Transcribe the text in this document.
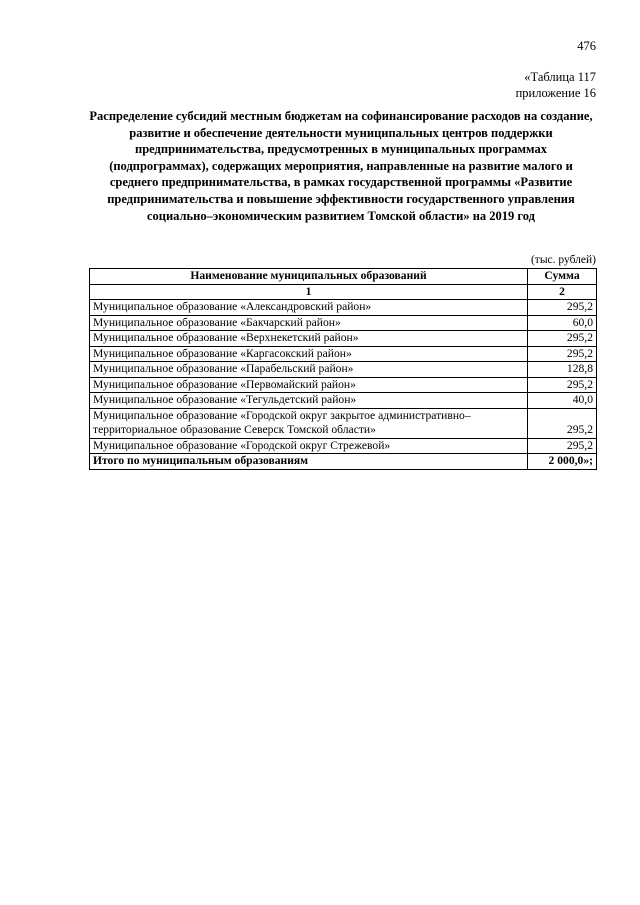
476
«Таблица 117
приложение 16
Распределение субсидий местным бюджетам на софинансирование расходов на создание, развитие и обеспечение деятельности муниципальных центров поддержки предпринимательства, предусмотренных в муниципальных программах (подпрограммах), содержащих мероприятия, направленные на развитие малого и среднего предпринимательства, в рамках государственной программы «Развитие предпринимательства и повышение эффективности государственного управления социально–экономическим развитием Томской области» на 2019 год
(тыс. рублей)
Наименование муниципальных образований	Сумма
1	2
Муниципальное образование «Александровский район»	295,2
Муниципальное образование «Бакчарский район»	60,0
Муниципальное образование «Верхнекетский район»	295,2
Муниципальное образование «Каргасокский район»	295,2
Муниципальное образование «Парабельский район»	128,8
Муниципальное образование «Первомайский район»	295,2
Муниципальное образование «Тегульдетский район»	40,0
Муниципальное образование «Городской округ закрытое административно–территориальное образование Северск Томской области»	295,2
Муниципальное образование «Городской округ Стрежевой»	295,2
Итого по муниципальным образованиям	2 000,0»;
